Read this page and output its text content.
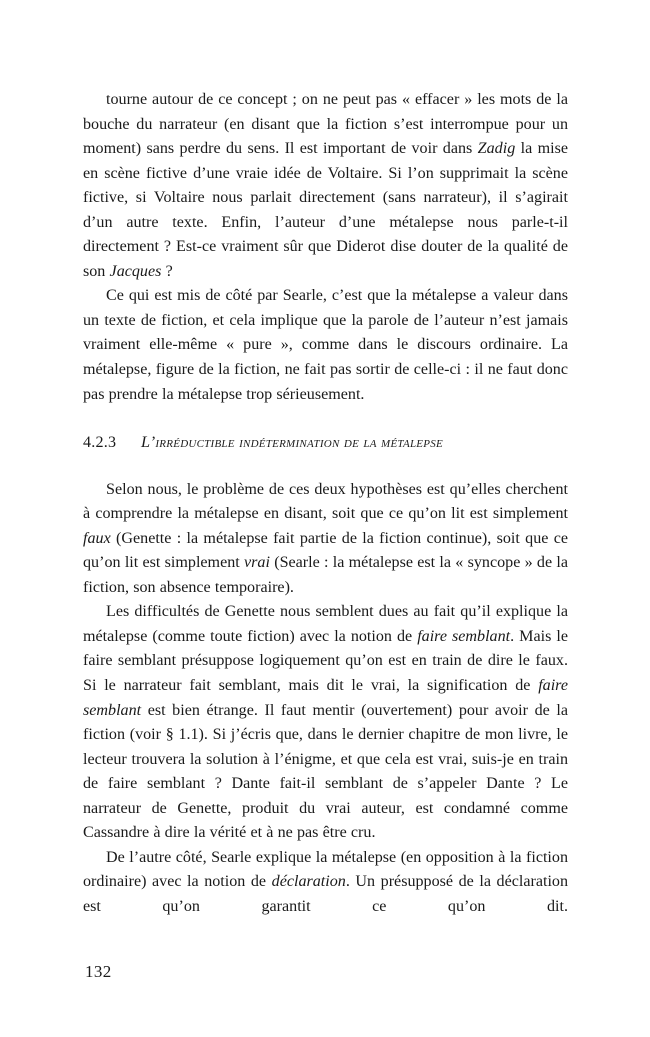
tourne autour de ce concept ; on ne peut pas « effacer » les mots de la bouche du narrateur (en disant que la fiction s’est interrompue pour un moment) sans perdre du sens. Il est important de voir dans Zadig la mise en scène fictive d’une vraie idée de Voltaire. Si l’on supprimait la scène fictive, si Voltaire nous parlait directement (sans narrateur), il s’agirait d’un autre texte. Enfin, l’auteur d’une métalepse nous parle-t-il directement ? Est-ce vraiment sûr que Diderot dise douter de la qualité de son Jacques ?

Ce qui est mis de côté par Searle, c’est que la métalepse a valeur dans un texte de fiction, et cela implique que la parole de l’auteur n’est jamais vraiment elle-même « pure », comme dans le discours ordinaire. La métalepse, figure de la fiction, ne fait pas sortir de celle-ci : il ne faut donc pas prendre la métalepse trop sérieusement.

4.2.3	L’irréductible indétermination de la métalepse

Selon nous, le problème de ces deux hypothèses est qu’elles cherchent à comprendre la métalepse en disant, soit que ce qu’on lit est simplement faux (Genette : la métalepse fait partie de la fiction continue), soit que ce qu’on lit est simplement vrai (Searle : la métalepse est la « syncope » de la fiction, son absence temporaire).

Les difficultés de Genette nous semblent dues au fait qu’il explique la métalepse (comme toute fiction) avec la notion de faire semblant. Mais le faire semblant présuppose logiquement qu’on est en train de dire le faux. Si le narrateur fait semblant, mais dit le vrai, la signification de faire semblant est bien étrange. Il faut mentir (ouvertement) pour avoir de la fiction (voir § 1.1). Si j’écris que, dans le dernier chapitre de mon livre, le lecteur trouvera la solution à l’énigme, et que cela est vrai, suis-je en train de faire semblant ? Dante fait-il semblant de s’appeler Dante ? Le narrateur de Genette, produit du vrai auteur, est condamné comme Cassandre à dire la vérité et à ne pas être cru.

De l’autre côté, Searle explique la métalepse (en opposition à la fiction ordinaire) avec la notion de déclaration. Un présupposé de la déclaration est qu’on garantit ce qu’on dit.

132
